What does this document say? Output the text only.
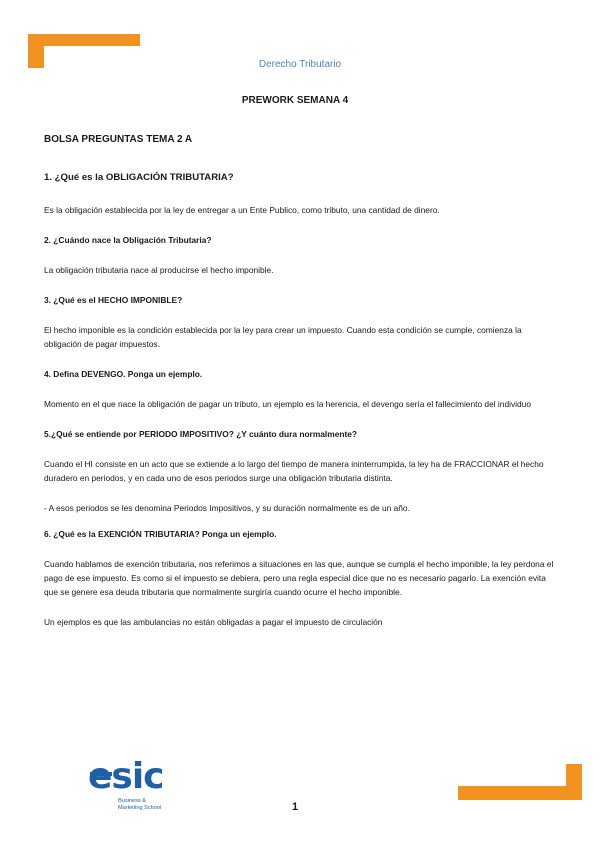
Derecho Tributario
PREWORK SEMANA 4
BOLSA PREGUNTAS TEMA 2 A

1. ¿Qué es la OBLIGACIÓN TRIBUTARIA?

Es la obligación establecida por la ley de entregar a un Ente Publico, como tributo, una cantidad de dinero.

2. ¿Cuándo nace la Obligación Tributaria?

La obligación tributaria nace al producirse el hecho imponible.

3. ¿Qué es el HECHO IMPONIBLE?

El hecho imponible es la condición establecida por la ley para crear un impuesto. Cuando esta condición se cumple, comienza la obligación de pagar impuestos.

4. Defina DEVENGO. Ponga un ejemplo.

Momento en el que nace la obligación de pagar un tributo, un ejemplo es la herencia, el devengo sería el fallecimiento del individuo

5.¿Qué se entiende por PERIODO IMPOSITIVO? ¿Y cuánto dura normalmente?

Cuando el HI consiste en un acto que se extiende a lo largo del tiempo de manera ininterrumpida, la ley ha de FRACCIONAR el hecho duradero en periodos, y en cada uno de esos periodos surge una obligación tributaria distinta.

- A esos periodos se les denomina Periodos Impositivos, y su duración normalmente es de un año.

6. ¿Qué es la EXENCIÓN TRIBUTARIA? Ponga un ejemplo.

Cuando hablamos de exención tributaria, nos referimos a situaciones en las que, aunque se cumpla el hecho imponible, la ley perdona el pago de ese impuesto. Es como si el impuesto se debiera, pero una regla especial dice que no es necesario pagarlo. La exención evita que se genere esa deuda tributaria que normalmente surgiría cuando ocurre el hecho imponible.

Un ejemplos es que las ambulancias no están obligadas a pagar el impuesto de circulación

esic
Business &
Marketing School	1
